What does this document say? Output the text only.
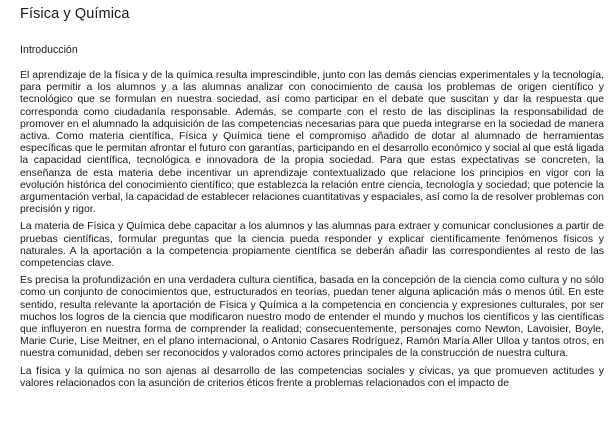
Física y Química
Introducción

El aprendizaje de la física y de la química resulta imprescindible, junto con las demás ciencias experimentales y la tecnología, para permitir a los alumnos y a las alumnas analizar con conocimiento de causa los problemas de origen científico y tecnológico que se formulan en nuestra sociedad, así como participar en el debate que suscitan y dar la respuesta que corresponda como ciudadanía responsable. Además, se comparte con el resto de las disciplinas la responsabilidad de promover en el alumnado la adquisición de las competencias necesarias para que pueda integrarse en la sociedad de manera activa. Como materia científica, Física y Química tiene el compromiso añadido de dotar al alumnado de herramientas específicas que le permitan afrontar el futuro con garantías, participando en el desarrollo económico y social al que está ligada la capacidad científica, tecnológica e innovadora de la propia sociedad. Para que estas expectativas se concreten, la enseñanza de esta materia debe incentivar un aprendizaje contextualizado que relacione los principios en vigor con la evolución histórica del conocimiento científico; que establezca la relación entre ciencia, tecnología y sociedad; que potencie la argumentación verbal, la capacidad de establecer relaciones cuantitativas y espaciales, así como la de resolver problemas con precisión y rigor.

La materia de Física y Química debe capacitar a los alumnos y las alumnas para extraer y comunicar conclusiones a partir de pruebas científicas, formular preguntas que la ciencia pueda responder y explicar científicamente fenómenos físicos y naturales. A la aportación a la competencia propiamente científica se deberán añadir las correspondientes al resto de las competencias clave.

Es precisa la profundización en una verdadera cultura científica, basada en la concepción de la ciencia como cultura y no sólo como un conjunto de conocimientos que, estructurados en teorías, puedan tener alguna aplicación más o menos útil. En este sentido, resulta relevante la aportación de Física y Química a la competencia en conciencia y expresiones culturales, por ser muchos los logros de la ciencia que modificaron nuestro modo de entender el mundo y muchos los científicos y las científicas que influyeron en nuestra forma de comprender la realidad; consecuentemente, personajes como Newton, Lavoisier, Boyle, Marie Curie, Lise Meitner, en el plano internacional, o Antonio Casares Rodríguez, Ramón María Aller Ulloa y tantos otros, en nuestra comunidad, deben ser reconocidos y valorados como actores principales de la construcción de nuestra cultura.

La física y la química no son ajenas al desarrollo de las competencias sociales y cívicas, ya que promueven actitudes y valores relacionados con la asunción de criterios éticos frente a problemas relacionados con el impacto de
